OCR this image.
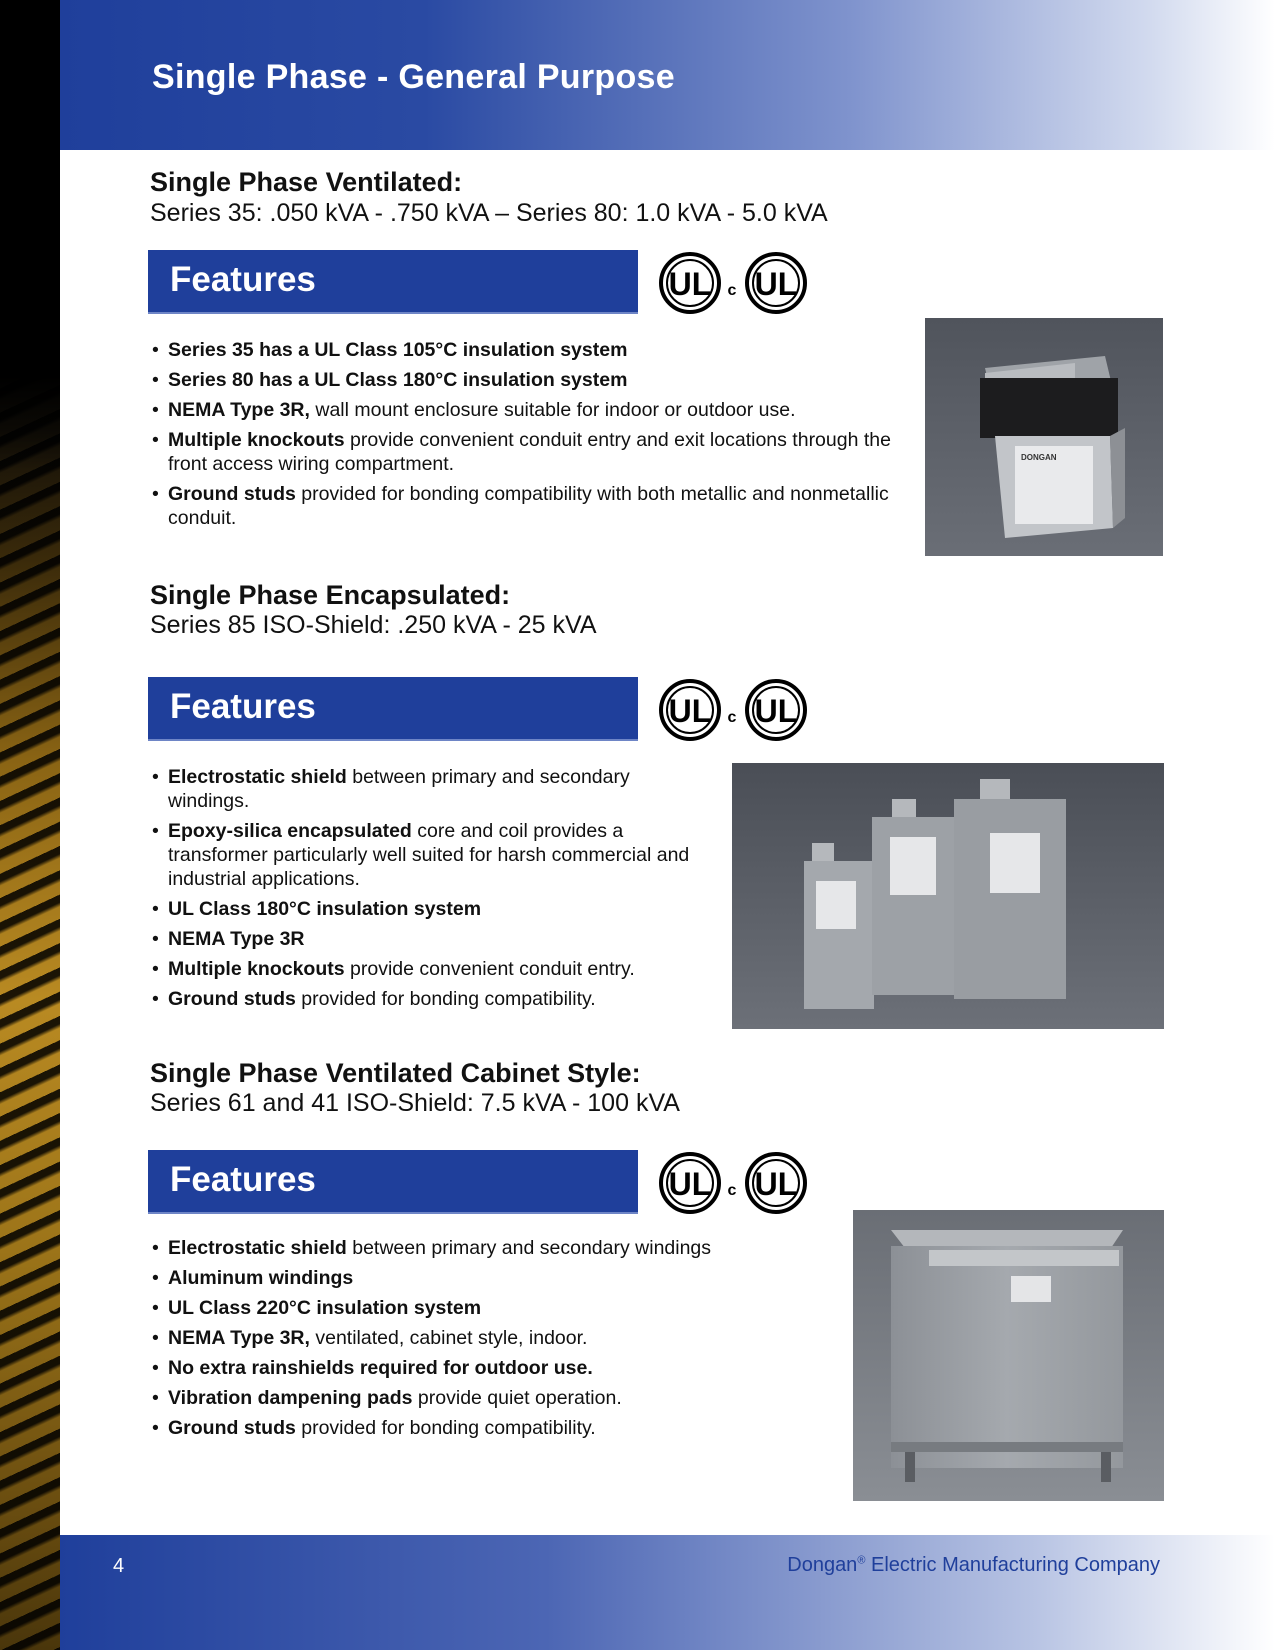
Single Phase - General Purpose
Single Phase Ventilated:
Series 35: .050 kVA - .750 kVA – Series 80: 1.0 kVA - 5.0 kVA
Features	UL c UL
• Series 35 has a UL Class 105°C insulation system
• Series 80 has a UL Class 180°C insulation system
• NEMA Type 3R, wall mount enclosure suitable for indoor or outdoor use.
• Multiple knockouts provide convenient conduit entry and exit locations through the front access wiring compartment.
• Ground studs provided for bonding compatibility with both metallic and nonmetallic conduit.
DONGAN
Single Phase Encapsulated:
Series 85 ISO-Shield: .250 kVA - 25 kVA
Features	UL c UL
• Electrostatic shield between primary and secondary windings.
• Epoxy-silica encapsulated core and coil provides a transformer particularly well suited for harsh commercial and industrial applications.
• UL Class 180°C insulation system
• NEMA Type 3R
• Multiple knockouts provide convenient conduit entry.
• Ground studs provided for bonding compatibility.
Single Phase Ventilated Cabinet Style:
Series 61 and 41 ISO-Shield: 7.5 kVA - 100 kVA
Features	UL c UL
• Electrostatic shield between primary and secondary windings
• Aluminum windings
• UL Class 220°C insulation system
• NEMA Type 3R, ventilated, cabinet style, indoor.
• No extra rainshields required for outdoor use.
• Vibration dampening pads provide quiet operation.
• Ground studs provided for bonding compatibility.
4	Dongan® Electric Manufacturing Company
